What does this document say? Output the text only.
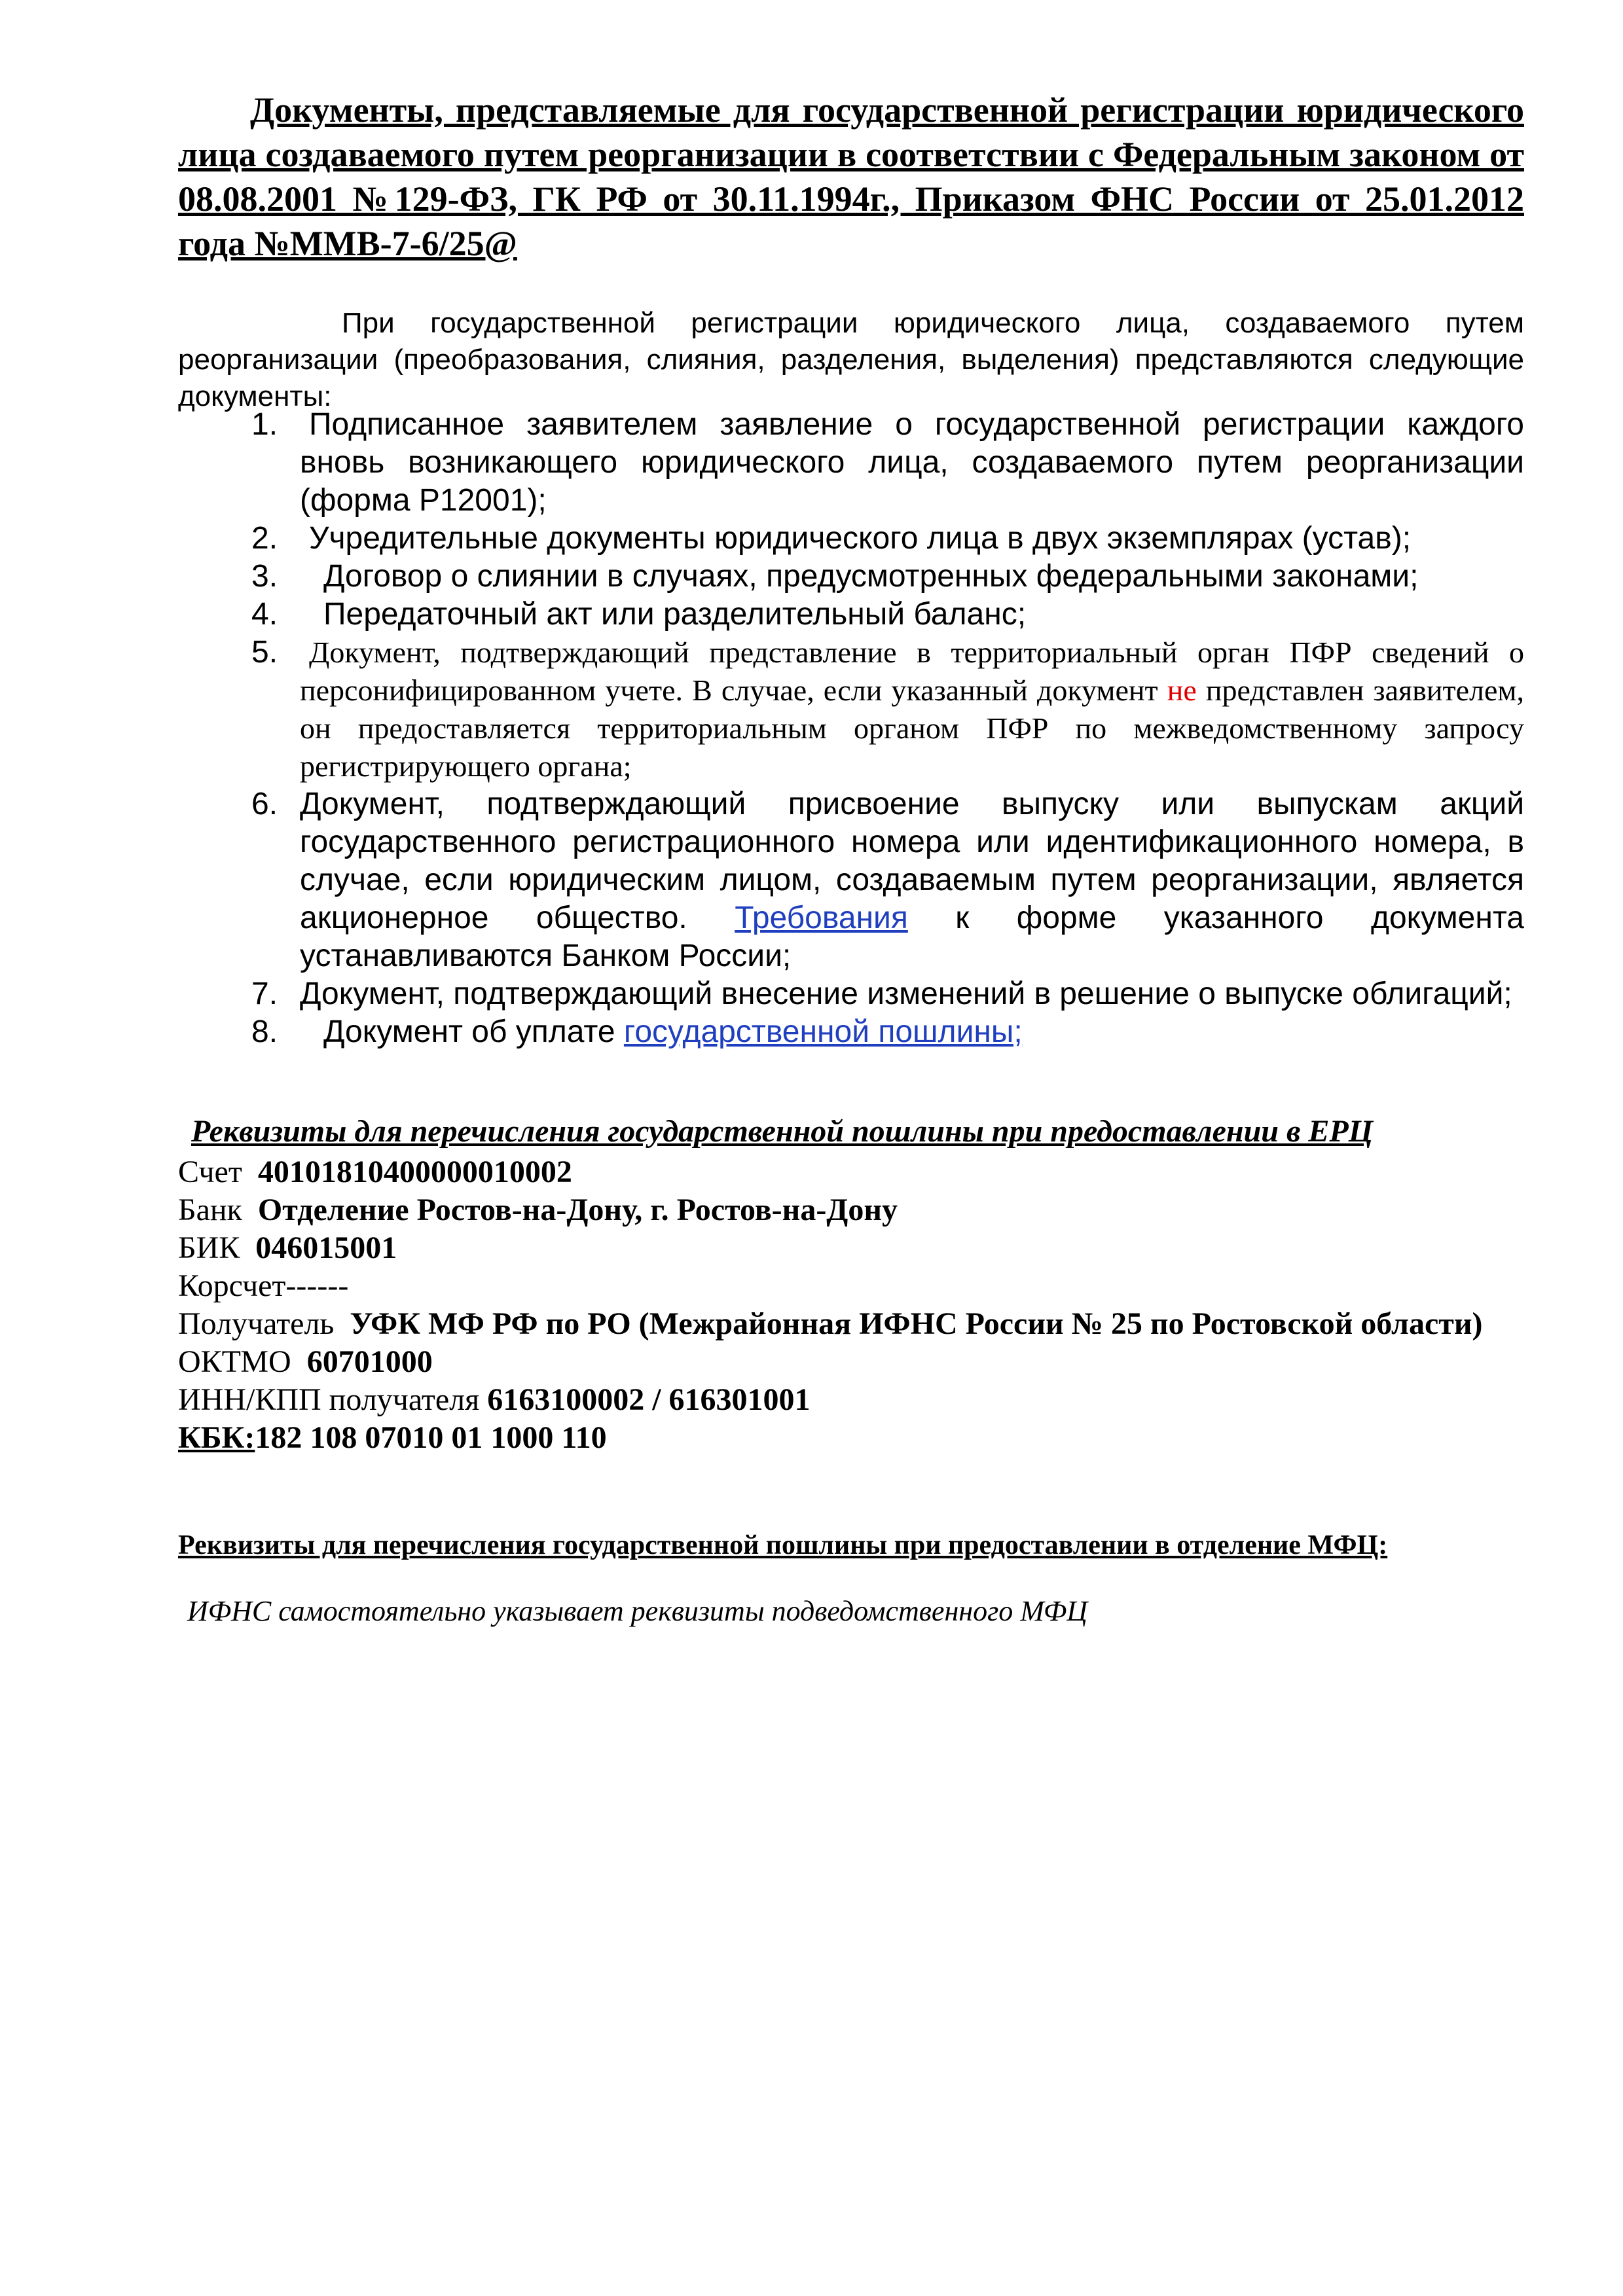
Документы, представляемые для государственной регистрации юридического лица создаваемого путем реорганизации в соответствии с Федеральным законом от 08.08.2001 №129-ФЗ, ГК РФ от 30.11.1994г., Приказом ФНС России от 25.01.2012 года №ММВ-7-6/25@
При государственной регистрации юридического лица, создаваемого путем реорганизации (преобразования, слияния, разделения, выделения) представляются следующие документы:
1. Подписанное заявителем заявление о государственной регистрации каждого вновь возникающего юридического лица, создаваемого путем реорганизации (форма Р12001);
2. Учредительные документы юридического лица в двух экземплярах (устав);
3. Договор о слиянии в случаях, предусмотренных федеральными законами;
4. Передаточный акт или разделительный баланс;
5. Документ, подтверждающий представление в территориальный орган ПФР сведений о персонифицированном учете. В случае, если указанный документ не представлен заявителем, он предоставляется территориальным органом ПФР по межведомственному запросу регистрирующего органа;
6. Документ, подтверждающий присвоение выпуску или выпускам акций государственного регистрационного номера или идентификационного номера, в случае, если юридическим лицом, создаваемым путем реорганизации, является акционерное общество. Требования к форме указанного документа устанавливаются Банком России;
7. Документ, подтверждающий внесение изменений в решение о выпуске облигаций;
8. Документ об уплате государственной пошлины;
Реквизиты для перечисления государственной пошлины при предоставлении в ЕРЦ
Счет 40101810400000010002
Банк Отделение Ростов-на-Дону, г. Ростов-на-Дону
БИК 046015001
Корсчет------
Получатель УФК МФ РФ по РО (Межрайонная ИФНС России № 25 по Ростовской области)
ОКТМО 60701000
ИНН/КПП получателя 6163100002 / 616301001
КБК:182 108 07010 01 1000 110
Реквизиты для перечисления государственной пошлины при предоставлении в отделение МФЦ:
ИФНС самостоятельно указывает реквизиты подведомственного МФЦ
